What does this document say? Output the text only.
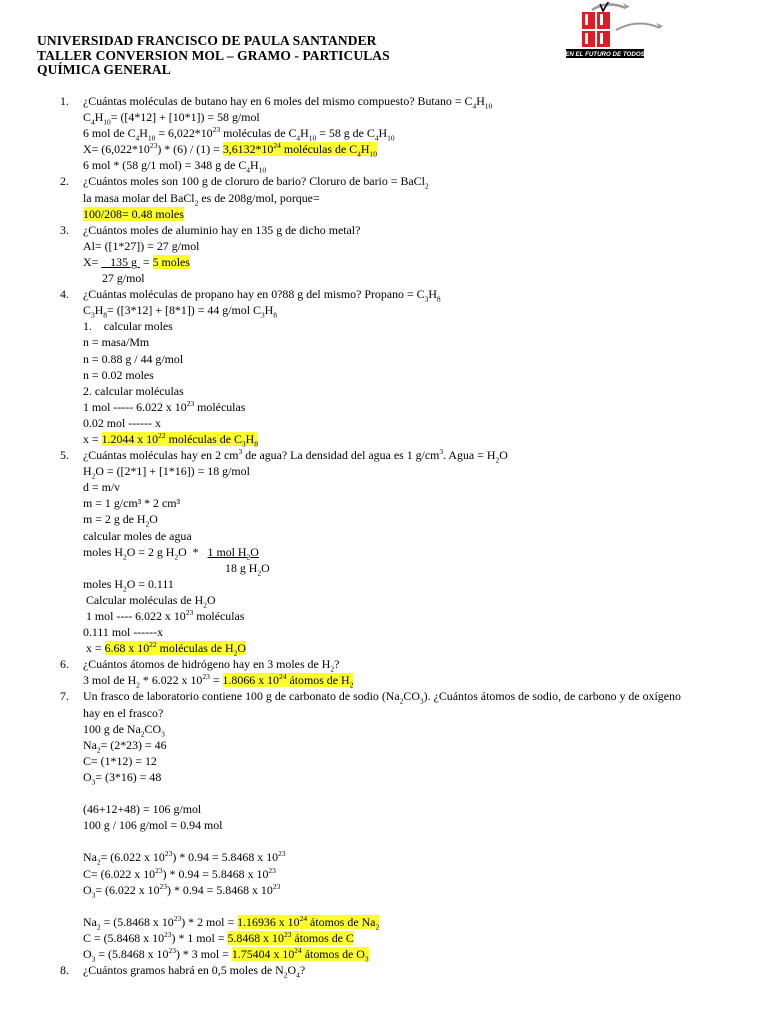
UNIVERSIDAD FRANCISCO DE PAULA SANTANDER
TALLER CONVERSION MOL – GRAMO - PARTICULAS
QUÍMICA GENERAL
EN EL FUTURO DE TODOS
1. ¿Cuántas moléculas de butano hay en 6 moles del mismo compuesto? $Butano = C_4H_{10}$
$C_4H_{10}= ([4*12] + [10*1]) = 58$ g/mol
6 mol de $C_4H_{10} = 6,022*10^{23}$ moléculas de $C_4H_{10} = 58$ g de $C_4H_{10}$
$X= (6,022*10^{23}) * (6) / (1) = 3,6132*10^{24}$ moléculas de $C_4H_{10}$
6 mol * (58 g/1 mol) = 348 g de $C_4H_{10}$
2. ¿Cuántos moles son 100 g de cloruro de bario? Cloruro de bario = BaCl$_2$
la masa molar del BaCl$_2$ es de 208g/mol, porque=
100/208= 0.48 moles
3. ¿Cuántos moles de aluminio hay en 135 g de dicho metal?
Al= ([1*27]) = 27 g/mol
X=    135 g  = 5 moles
27 g/mol
4. ¿Cuántas moléculas de propano hay en 0?88 g del mismo? Propano = $C_3H_8$
$C_3H_8= ([3*12] + [8*1]) = 44$ g/mol $C_3H_8$
1.    calcular moles
n = masa/Mm
n = 0.88 g / 44 g/mol
n = 0.02 moles
2. calcular moléculas
1 mol ----- 6.022 x $10^{23}$ moléculas
0.02 mol ------ x
x = 1.2044 x $10^{22}$ moléculas de $C_3H_8$
5. ¿Cuántas moléculas hay en 2 $cm^3$ de agua? La densidad del agua es 1 $g/cm^3$. Agua = $H_2O$
$H_2O = ([2*1] + [1*16]) = 18$ g/mol
d = m/v
m = 1 g/cm³ * 2 cm³
m = 2 g de $H_2O$
calcular moles de agua
moles $H_2O = 2$ g $H_2O * 1$ mol $H_2O$
18 g $H_2O$
moles $H_2O = 0.111$
Calcular moléculas de $H_2O$
1 mol ---- 6.022 x $10^{23}$ moléculas
0.111 mol ------x
x = 6.68 x $10^{22}$ moléculas de $H_2O$
6. ¿Cuántos átomos de hidrógeno hay en 3 moles de $H_2$?
3 mol de $H_2 * 6.022$ x $10^{23} = 1.8066$ x $10^{24}$ átomos de $H_2$
7. Un frasco de laboratorio contiene 100 g de carbonato de sodio $(Na_2CO_3)$. ¿Cuántos átomos de sodio, de carbono y de oxígeno
hay en el frasco?
100 g de $Na_2CO_3$
$Na_2= (2*23) = 46$
C= (1*12) = 12
$O_3= (3*16) = 48$
(46+12+48) = 106 g/mol
100 g / 106 g/mol = 0.94 mol
$Na_2= (6.022$ x $10^{23}) * 0.94 = 5.8468$ x $10^{23}$
C= (6.022 x $10^{23}) * 0.94 = 5.8468$ x $10^{23}$
$O_3= (6.022$ x $10^{23}) * 0.94 = 5.8468$ x $10^{23}$
$Na_2 = (5.8468$ x $10^{23}) * 2$ mol = 1.16936 x $10^{24}$ átomos de $Na_2$
C = (5.8468 x $10^{23}) * 1$ mol = 5.8468 x $10^{23}$ átomos de C
$O_3 = (5.8468$ x $10^{23}) * 3$ mol = 1.75404 x $10^{24}$ átomos de $O_3$
8. ¿Cuántos gramos habrá en 0,5 moles de $N_2O_4$?
